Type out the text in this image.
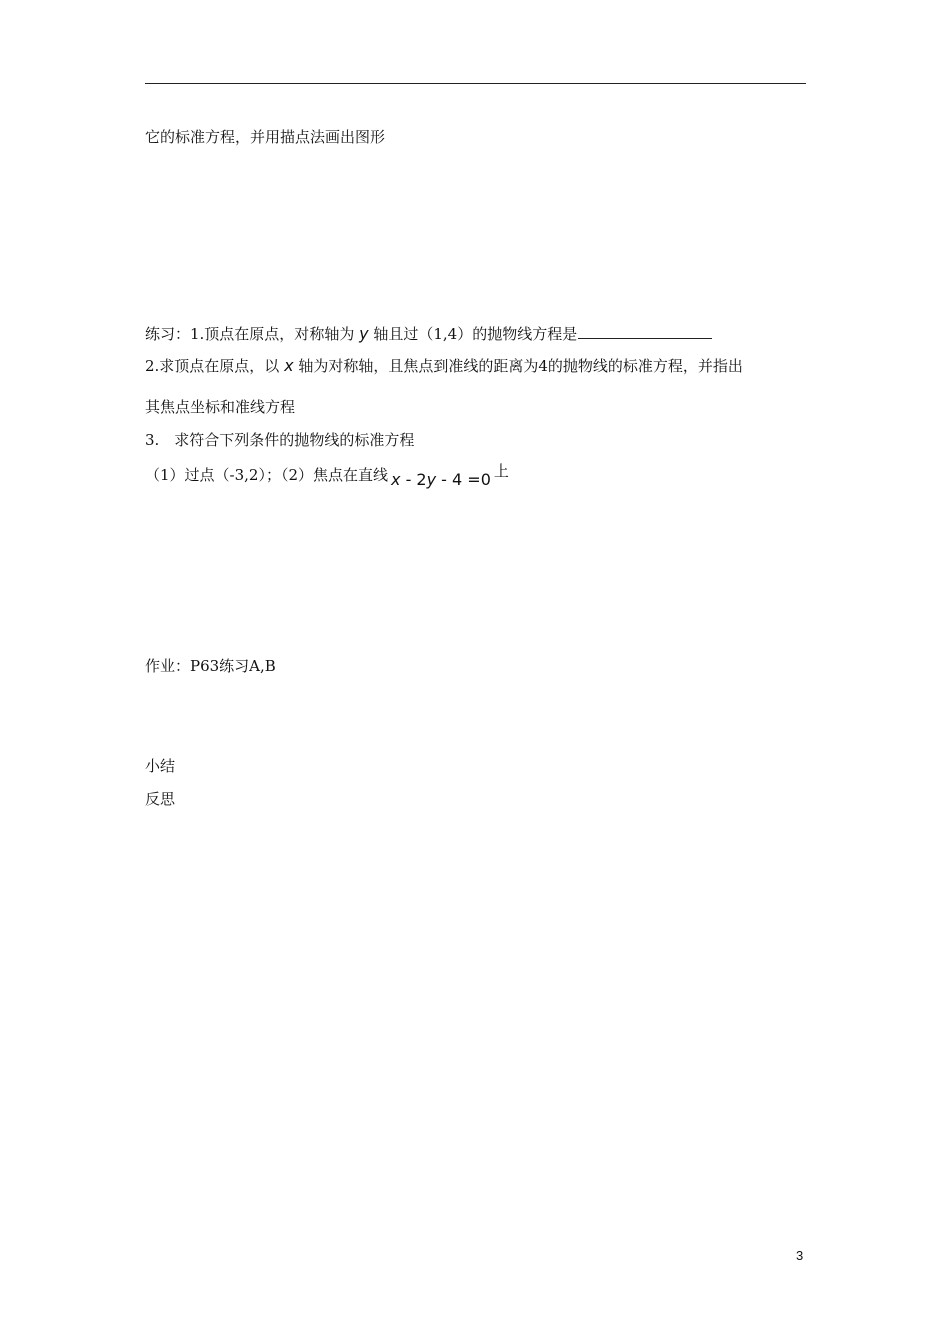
它的标准方程，并用描点法画出图形
练习：1.顶点在原点，对称轴为 y 轴且过（1,4）的抛物线方程是
2.求顶点在原点，以 x 轴为对称轴，且焦点到准线的距离为4的抛物线的标准方程，并指出
其焦点坐标和准线方程
3.　求符合下列条件的抛物线的标准方程
（1）过点（-3,2）；（2）焦点在直线 x - 2y - 4 =0 上
作业：P63练习A,B
小结
反思
3
